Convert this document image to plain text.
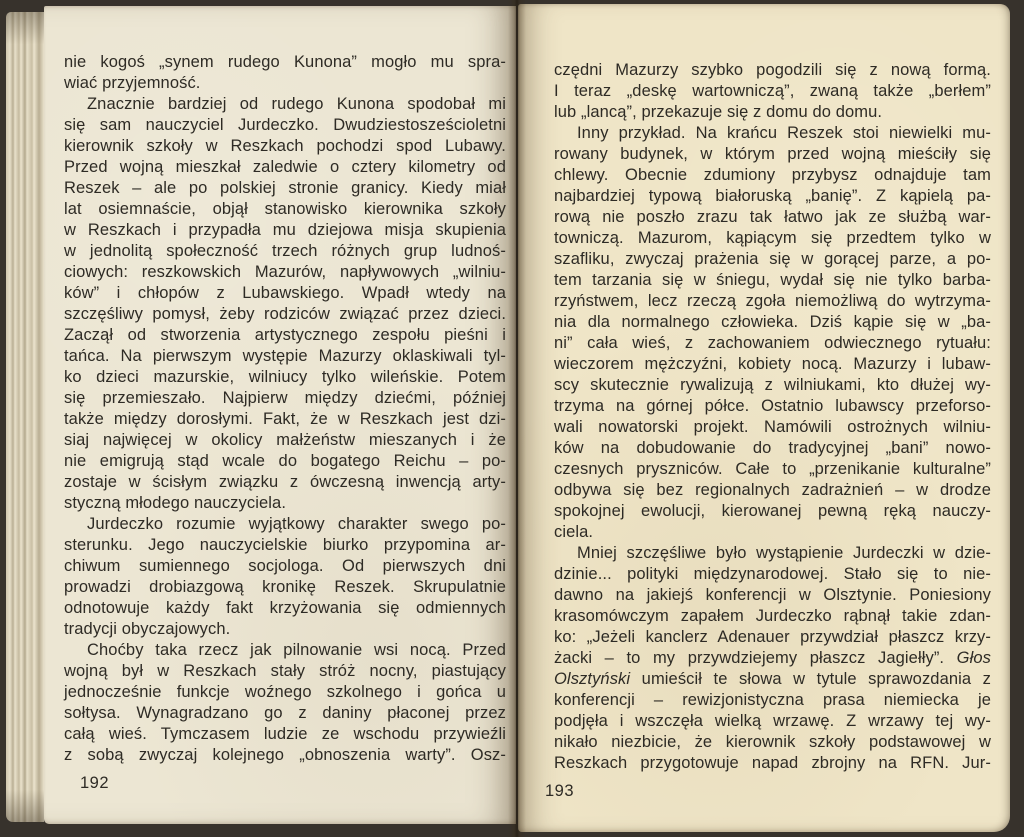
nie kogoś „synem rudego Kunona” mogło mu spra-
wiać przyjemność.
Znacznie bardziej od rudego Kunona spodobał mi
się sam nauczyciel Jurdeczko. Dwudziestosześcioletni
kierownik szkoły w Reszkach pochodzi spod Lubawy.
Przed wojną mieszkał zaledwie o cztery kilometry od
Reszek – ale po polskiej stronie granicy. Kiedy miał
lat osiemnaście, objął stanowisko kierownika szkoły
w Reszkach i przypadła mu dziejowa misja skupienia
w jednolitą społeczność trzech różnych grup ludnoś-
ciowych: reszkowskich Mazurów, napływowych „wilniu-
ków” i chłopów z Lubawskiego. Wpadł wtedy na
szczęśliwy pomysł, żeby rodziców związać przez dzieci.
Zaczął od stworzenia artystycznego zespołu pieśni i
tańca. Na pierwszym występie Mazurzy oklaskiwali tyl-
ko dzieci mazurskie, wilniucy tylko wileńskie. Potem
się przemieszało. Najpierw między dziećmi, później
także między dorosłymi. Fakt, że w Reszkach jest dzi-
siaj najwięcej w okolicy małżeństw mieszanych i że
nie emigrują stąd wcale do bogatego Reichu – po-
zostaje w ścisłym związku z ówczesną inwencją arty-
styczną młodego nauczyciela.
Jurdeczko rozumie wyjątkowy charakter swego po-
sterunku. Jego nauczycielskie biurko przypomina ar-
chiwum sumiennego socjologa. Od pierwszych dni
prowadzi drobiazgową kronikę Reszek. Skrupulatnie
odnotowuje każdy fakt krzyżowania się odmiennych
tradycji obyczajowych.
Choćby taka rzecz jak pilnowanie wsi nocą. Przed
wojną był w Reszkach stały stróż nocny, piastujący
jednocześnie funkcje woźnego szkolnego i gońca u
sołtysa. Wynagradzano go z daniny płaconej przez
całą wieś. Tymczasem ludzie ze wschodu przywieźli
z sobą zwyczaj kolejnego „obnoszenia warty”. Osz-
czędni Mazurzy szybko pogodzili się z nową formą.
I teraz „deskę wartowniczą”, zwaną także „berłem”
lub „lancą”, przekazuje się z domu do domu.
Inny przykład. Na krańcu Reszek stoi niewielki mu-
rowany budynek, w którym przed wojną mieściły się
chlewy. Obecnie zdumiony przybysz odnajduje tam
najbardziej typową białoruską „banię”. Z kąpielą pa-
rową nie poszło zrazu tak łatwo jak ze służbą war-
towniczą. Mazurom, kąpiącym się przedtem tylko w
szafliku, zwyczaj prażenia się w gorącej parze, a po-
tem tarzania się w śniegu, wydał się nie tylko barba-
rzyństwem, lecz rzeczą zgoła niemożliwą do wytrzyma-
nia dla normalnego człowieka. Dziś kąpie się w „ba-
ni” cała wieś, z zachowaniem odwiecznego rytuału:
wieczorem mężczyźni, kobiety nocą. Mazurzy i lubaw-
scy skutecznie rywalizują z wilniukami, kto dłużej wy-
trzyma na górnej półce. Ostatnio lubawscy przeforso-
wali nowatorski projekt. Namówili ostrożnych wilniu-
ków na dobudowanie do tradycyjnej „bani” nowo-
czesnych pryszniców. Całe to „przenikanie kulturalne”
odbywa się bez regionalnych zadrażnień – w drodze
spokojnej ewolucji, kierowanej pewną ręką nauczy-
ciela.
Mniej szczęśliwe było wystąpienie Jurdeczki w dzie-
dzinie... polityki międzynarodowej. Stało się to nie-
dawno na jakiejś konferencji w Olsztynie. Poniesiony
krasomówczym zapałem Jurdeczko rąbnął takie zdan-
ko: „Jeżeli kanclerz Adenauer przywdział płaszcz krzy-
żacki – to my przywdziejemy płaszcz Jagiełły”. Głos
Olsztyński umieścił te słowa w tytule sprawozdania z
konferencji – rewizjonistyczna prasa niemiecka je
podjęła i wszczęła wielką wrzawę. Z wrzawy tej wy-
nikało niezbicie, że kierownik szkoły podstawowej w
Reszkach przygotowuje napad zbrojny na RFN. Jur-
192	193
